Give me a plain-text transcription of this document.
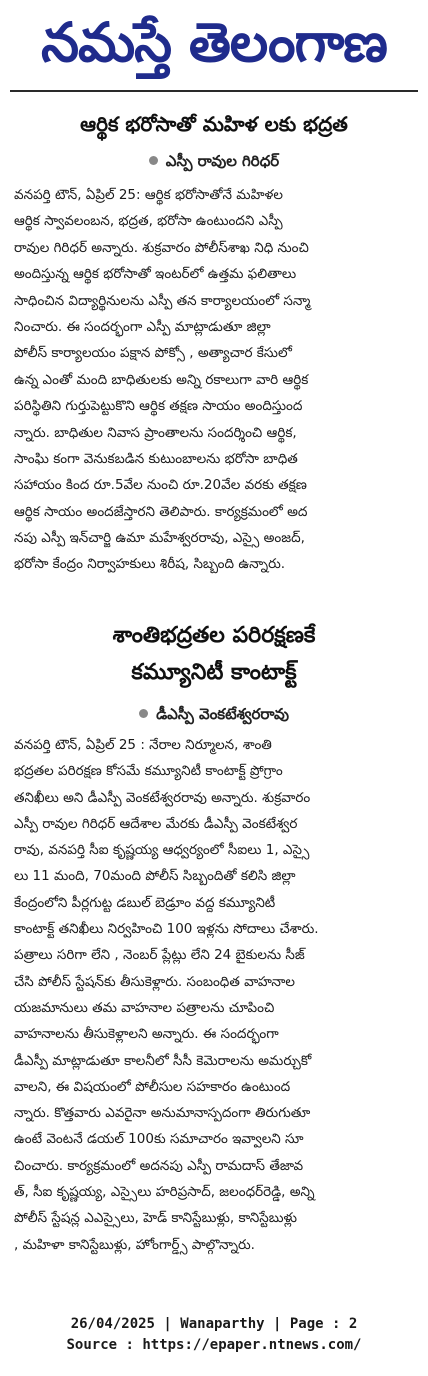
నమస్తే తెలంగాణ
ఆర్థిక భరోసాతో మహిళ లకు భద్రత
ఎస్పీ రావుల గిరిధర్
వనపర్తి టౌన్, ఏప్రిల్ 25: ఆర్థిక భరోసాతోనే మహిళల
ఆర్థిక స్వావలంబన, భద్రత, భరోసా ఉంటుందని ఎస్పీ
రావుల గిరిధర్ అన్నారు. శుక్రవారం పోలీస్‌శాఖ నిధి నుంచి
అందిస్తున్న ఆర్థిక భరోసాతో ఇంటర్‌లో ఉత్తమ ఫలితాలు
సాధించిన విద్యార్థినులను ఎస్పీ తన కార్యాలయంలో సన్మా
నించారు. ఈ సందర్భంగా ఎస్పీ మాట్లాడుతూ జిల్లా
పోలీస్ కార్యాలయం పక్షాన పోక్సో , అత్యాచార కేసులో
ఉన్న ఎంతో మంది బాధితులకు అన్ని రకాలుగా వారి ఆర్థిక
పరిస్థితిని గుర్తుపెట్టుకొని ఆర్థిక తక్షణ సాయం అందిస్తుంద
న్నారు. బాధితుల నివాస ప్రాంతాలను సందర్శించి ఆర్థిక,
సాంఘి కంగా వెనుకబడిన కుటుంబాలను భరోసా బాధిత
సహాయం కింద రూ.5వేల నుంచి రూ.20వేల వరకు తక్షణ
ఆర్థిక సాయం అందజేస్తారని తెలిపారు. కార్యక్రమంలో అద
నపు ఎస్పీ ఇన్‌చార్జి ఉమా మహేశ్వరరావు, ఎస్సై అంజద్,
భరోసా కేంద్రం నిర్వాహకులు శిరీష, సిబ్బంది ఉన్నారు.
శాంతిభద్రతల పరిరక్షణకే
కమ్యూనిటీ కాంటాక్ట్
డీఎస్పీ వెంకటేశ్వరరావు
వనపర్తి టౌన్, ఏప్రిల్ 25 : నేరాల నిర్మూలన, శాంతి
భద్రతల పరిరక్షణ కోసమే కమ్యూనిటీ కాంటాక్ట్ ప్రోగ్రాం
తనిఖీలు అని డీఎస్పీ వెంకటేశ్వరరావు అన్నారు. శుక్రవారం
ఎస్పీ రావుల గిరిధర్ ఆదేశాల మేరకు డీఎస్పీ వెంకటేశ్వర
రావు, వనపర్తి సీఐ కృష్ణయ్య ఆధ్వర్యంలో సీఐలు 1, ఎస్సై
లు 11 మంది, 70మంది పోలీస్ సిబ్బందితో కలిసి జిల్లా
కేంద్రంలోని పీర్లగుట్ట డబుల్ బెడ్రూం వద్ద కమ్యూనిటీ
కాంటాక్ట్ తనిఖీలు నిర్వహించి 100 ఇళ్లను సోదాలు చేశారు.
పత్రాలు సరిగా లేని , నెంబర్ ప్లేట్లు లేని 24 బైకులను సీజ్
చేసి పోలీస్ స్టేషన్‌కు తీసుకెళ్లారు. సంబంధిత వాహనాల
యజమానులు తమ వాహనాల పత్రాలను చూపించి
వాహనాలను తీసుకెళ్లాలని అన్నారు. ఈ సందర్భంగా
డీఎస్పీ మాట్లాడుతూ కాలనీలో సీసీ కెమెరాలను అమర్చుకో
వాలని, ఈ విషయంలో పోలీసుల సహకారం ఉంటుంద
న్నారు. కొత్తవారు ఎవరైనా అనుమానాస్పదంగా తిరుగుతూ
ఉంటే వెంటనే డయల్ 100కు సమాచారం ఇవ్వాలని సూ
చించారు. కార్యక్రమంలో అదనపు ఎస్పీ రామదాస్ తేజావ
త్, సీఐ కృష్ణయ్య, ఎస్సైలు హరిప్రసాద్, జలంధర్‌రెడ్డి, అన్ని
పోలీస్ స్టేషన్ల ఎఎస్సైలు, హెడ్ కానిస్టేబుళ్లు, కానిస్టేబుళ్లు
, మహిళా కానిస్టేబుళ్లు, హోంగార్డ్స్ పాల్గొన్నారు.
26/04/2025 | Wanaparthy | Page : 2
Source : https://epaper.ntnews.com/
